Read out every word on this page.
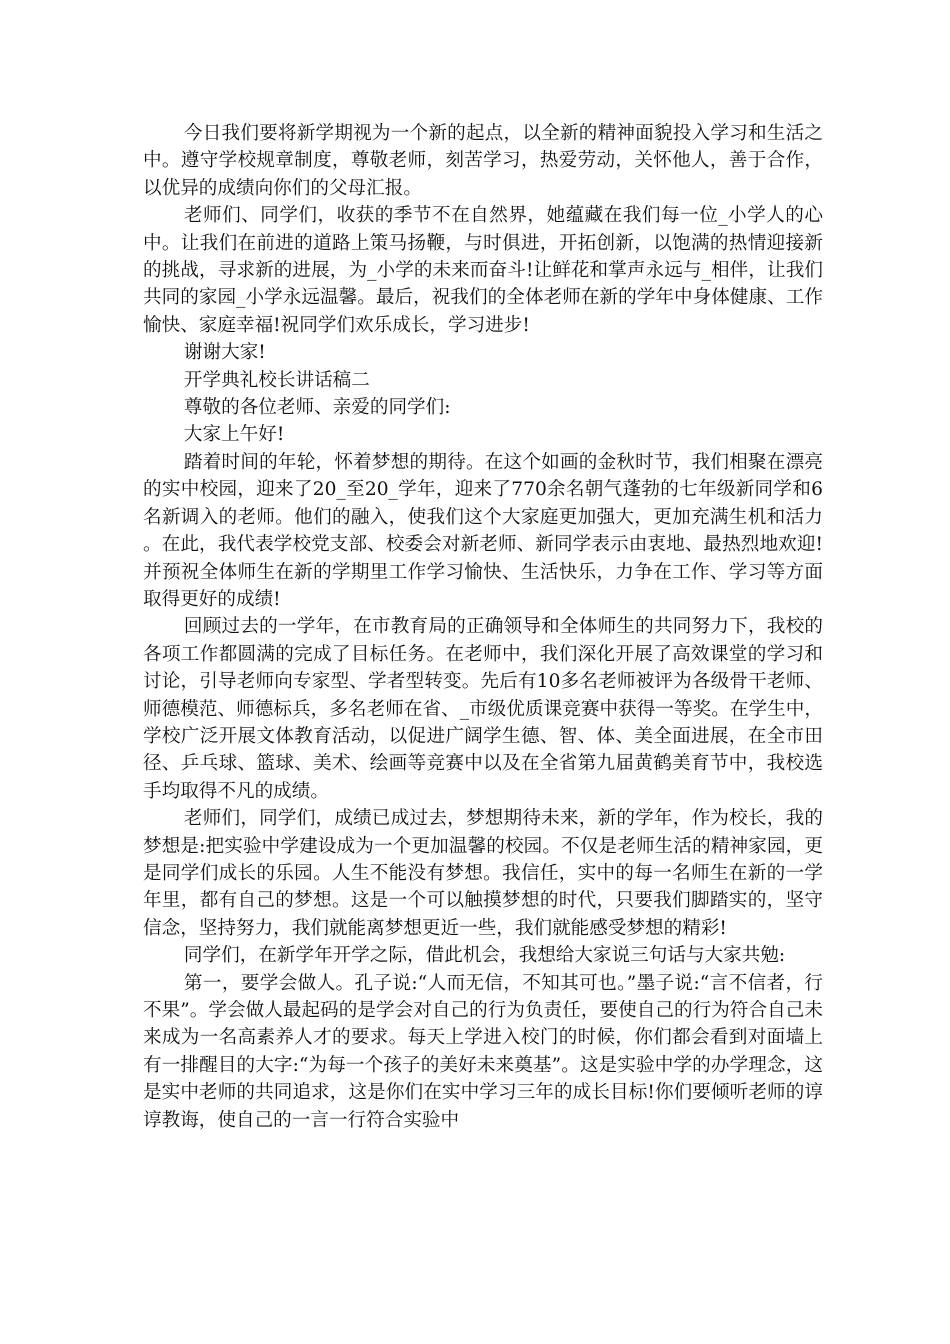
今日我们要将新学期视为一个新的起点，以全新的精神面貌投入学习和生活之中。遵守学校规章制度，尊敬老师，刻苦学习，热爱劳动，关怀他人，善于合作，以优异的成绩向你们的父母汇报。

老师们、同学们，收获的季节不在自然界，她蕴藏在我们每一位_小学人的心中。让我们在前进的道路上策马扬鞭，与时俱进，开拓创新，以饱满的热情迎接新的挑战，寻求新的进展，为_小学的未来而奋斗!让鲜花和掌声永远与_相伴，让我们共同的家园_小学永远温馨。最后，祝我们的全体老师在新的学年中身体健康、工作愉快、家庭幸福!祝同学们欢乐成长，学习进步!

谢谢大家!

开学典礼校长讲话稿二

尊敬的各位老师、亲爱的同学们:

大家上午好!

踏着时间的年轮，怀着梦想的期待。在这个如画的金秋时节，我们相聚在漂亮的实中校园，迎来了20_至20_学年，迎来了770余名朝气蓬勃的七年级新同学和6名新调入的老师。他们的融入，使我们这个大家庭更加强大，更加充满生机和活力。在此，我代表学校党支部、校委会对新老师、新同学表示由衷地、最热烈地欢迎!并预祝全体师生在新的学期里工作学习愉快、生活快乐，力争在工作、学习等方面取得更好的成绩!

回顾过去的一学年，在市教育局的正确领导和全体师生的共同努力下，我校的各项工作都圆满的完成了目标任务。在老师中，我们深化开展了高效课堂的学习和讨论，引导老师向专家型、学者型转变。先后有10多名老师被评为各级骨干老师、师德模范、师德标兵，多名老师在省、_市级优质课竞赛中获得一等奖。在学生中，学校广泛开展文体教育活动，以促进广阔学生德、智、体、美全面进展，在全市田径、乒乓球、篮球、美术、绘画等竞赛中以及在全省第九届黄鹤美育节中，我校选手均取得不凡的成绩。

老师们，同学们，成绩已成过去，梦想期待未来，新的学年，作为校长，我的梦想是:把实验中学建设成为一个更加温馨的校园。不仅是老师生活的精神家园，更是同学们成长的乐园。人生不能没有梦想。我信任，实中的每一名师生在新的一学年里，都有自己的梦想。这是一个可以触摸梦想的时代，只要我们脚踏实的，坚守信念，坚持努力，我们就能离梦想更近一些，我们就能感受梦想的精彩!

同学们，在新学年开学之际，借此机会，我想给大家说三句话与大家共勉:

第一，要学会做人。孔子说:“人而无信，不知其可也。”墨子说:“言不信者，行不果”。学会做人最起码的是学会对自己的行为负责任，要使自己的行为符合自己未来成为一名高素养人才的要求。每天上学进入校门的时候，你们都会看到对面墙上有一排醒目的大字:“为每一个孩子的美好未来奠基”。这是实验中学的办学理念，这是实中老师的共同追求，这是你们在实中学习三年的成长目标!你们要倾听老师的谆谆教诲，使自己的一言一行符合实验中
